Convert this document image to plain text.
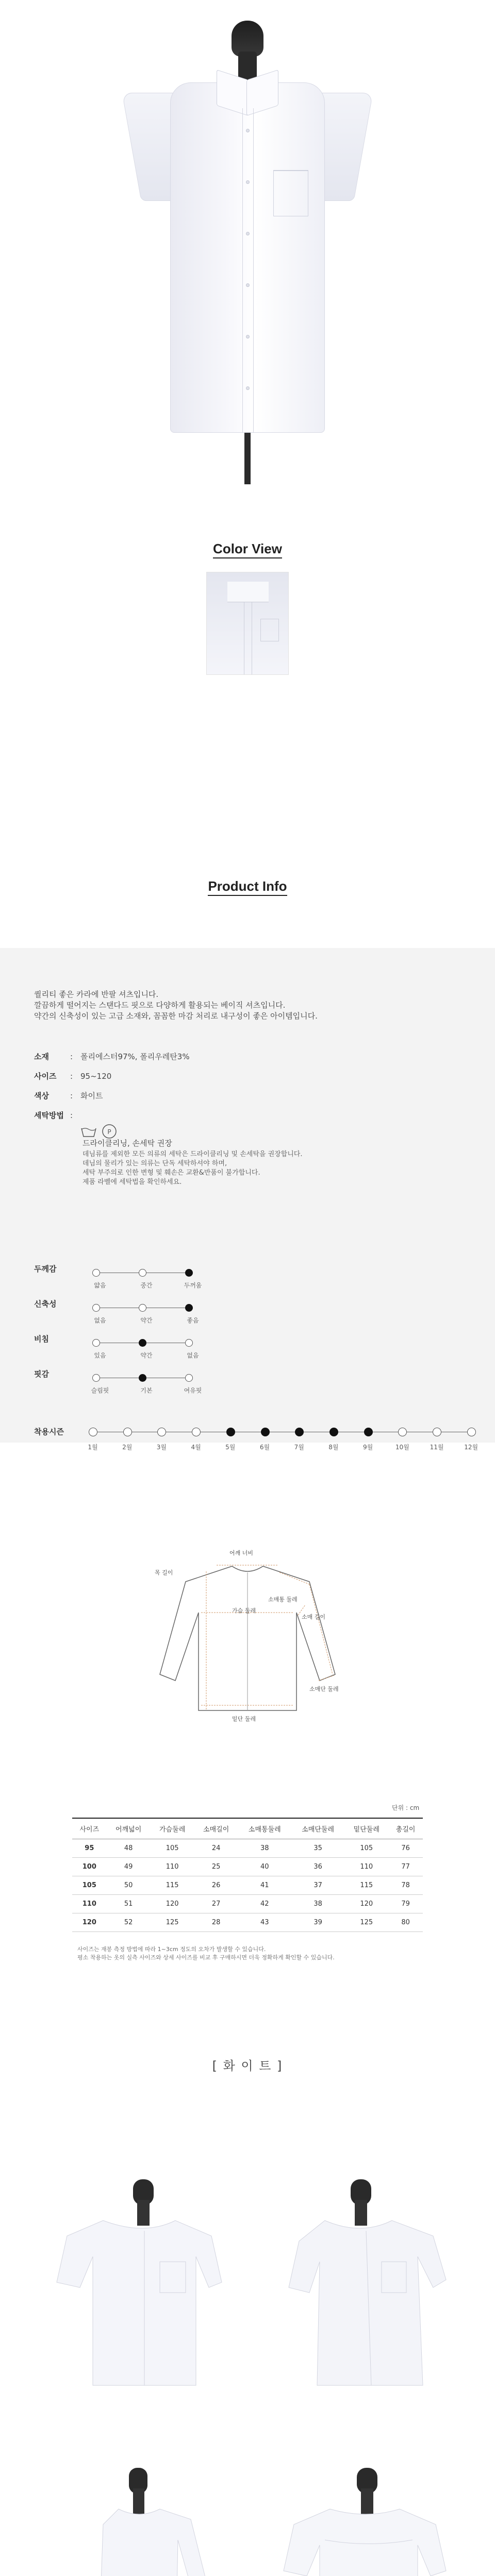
Color View
Product Info
퀄리티 좋은 카라에 반팔 셔츠입니다.
깔끔하게 떨어지는 스탠다드 핏으로 다양하게 활용되는 베이직 셔츠입니다.
약간의 신축성이 있는 고급 소재와, 꼼꼼한 마감 처리로 내구성이 좋은 아이템입니다.
소재	: 폴리에스터97%, 폴리우레탄3%
사이즈 : 95~120
색상	: 화이트
세탁방법 :
P
드라이클리닝, 손세탁 권장
데님류를 제외한 모든 의류의 세탁은 드라이클리닝 및 손세탁을 권장합니다.
데님의 물리가 있는 의류는 단독 세탁하셔야 하며,
세탁 부주의로 인한 변형 및 훼손은 교환&반품이 불가합니다.
제품 라벨에 세탁법을 확인하세요.
두께감
얇음	중간	두꺼움
신축성
없음	약간	좋음
비침
있음	약간	없음
핏감
슬림핏	기본	여유핏
착용시즌
1월	2월	3월	4월	5월	6월	7월	8월	9월	10월	11월	12월
어깨 너비
목 길이
소매통 둘레
가슴 둘레
소매 길이
소매단 둘레
밑단 둘레
단위 : cm
사이즈	어깨넓이	가슴둘레	소매길이	소매통둘레	소매단둘레	밑단둘레	총길이
95	48	105	24	38	35	105	76
100	49	110	25	40	36	110	77
105	50	115	26	41	37	115	78
110	51	120	27	42	38	120	79
120	52	125	28	43	39	125	80
사이즈는 재봉 측정 방법에 따라 1~3cm 정도의 오차가 발생할 수 있습니다.
평소 착용하는 옷의 실측 사이즈와 상세 사이즈를 비교 후 구매하시면 더욱 정확하게 확인할 수 있습니다.
[ 화 이 트 ]
